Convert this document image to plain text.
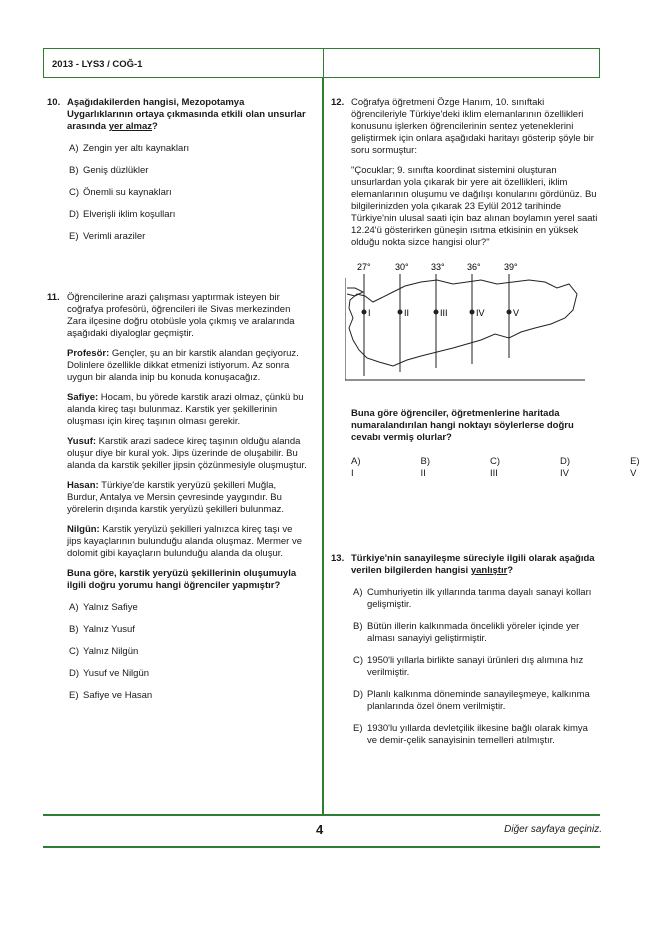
2013 - LYS3 / COĞ-1
10. Aşağıdakilerden hangisi, Mezopotamya Uygarlıklarının ortaya çıkmasında etkili olan unsurlar arasında yer almaz?

A) Zengin yer altı kaynakları
B) Geniş düzlükler
C) Önemli su kaynakları
D) Elverişli iklim koşulları
E) Verimli araziler
11. Öğrencilerine arazi çalışması yaptırmak isteyen bir coğrafya profesörü, öğrencileri ile Sivas merkezinden Zara ilçesine doğru otobüsle yola çıkmış ve aralarında aşağıdaki diyaloglar geçmiştir.

Profesör: Gençler, şu an bir karstik alandan geçiyoruz. Dolinlere özellikle dikkat etmenizi istiyorum. Az sonra uygun bir alanda inip bu konuda konuşacağız.

Safiye: Hocam, bu yörede karstik arazi olmaz, çünkü bu alanda kireç taşı bulunmaz. Karstik yer şekillerinin oluşması için kireç taşının olması gerekir.

Yusuf: Karstik arazi sadece kireç taşının olduğu alanda oluşur diye bir kural yok. Jips üzerinde de oluşabilir. Bu alanda da karstik şekiller jipsin çözünmesiyle oluşmuştur.

Hasan: Türkiye'de karstik yeryüzü şekilleri Muğla, Burdur, Antalya ve Mersin çevresinde yaygındır. Bu yörelerin dışında karstik yeryüzü şekilleri bulunmaz.

Nilgün: Karstik yeryüzü şekilleri yalnızca kireç taşı ve jips kayaçlarının bulunduğu alanda oluşmaz. Mermer ve dolomit gibi kayaçların bulunduğu alanda da oluşur.

Buna göre, karstik yeryüzü şekillerinin oluşumuyla ilgili doğru yorumu hangi öğrenciler yapmıştır?

A) Yalnız Safiye
B) Yalnız Yusuf
C) Yalnız Nilgün
D) Yusuf ve Nilgün
E) Safiye ve Hasan
12. Coğrafya öğretmeni Özge Hanım, 10. sınıftaki öğrencileriyle Türkiye'deki iklim elemanlarının özellikleri konusunu işlerken öğrencilerinin sentez yeteneklerini geliştirmek için onlara aşağıdaki haritayı gösterip şöyle bir soru sormuştur:

"Çocuklar; 9. sınıfta koordinat sistemini oluşturan unsurlardan yola çıkarak bir yere ait özellikleri, iklim elemanlarının oluşumu ve dağılışı konularını gördünüz. Bu bilgilerinizden yola çıkarak 23 Eylül 2012 tarihinde Türkiye'nin ulusal saati için baz alınan boylamın yerel saati 12.24'ü gösterirken güneşin ısıtma etkisinin en yüksek olduğu nokta sizce hangisi olur?"

27°	30° 33° 36°	39°
I	II	III	IV	V

Buna göre öğrenciler, öğretmenlerine haritada numaralandırılan hangi noktayı söylerlerse doğru cevabı vermiş olurlar?

A) I
B) II
C) III
D) IV
E) V
13. Türkiye'nin sanayileşme süreciyle ilgili olarak aşağıda verilen bilgilerden hangisi yanlıştır?

A) Cumhuriyetin ilk yıllarında tarıma dayalı sanayi kolları gelişmiştir.
B) Bütün illerin kalkınmada öncelikli yöreler içinde yer alması sanayiyi geliştirmiştir.
C) 1950'li yıllarla birlikte sanayi ürünleri dış alımına hız verilmiştir.
D) Planlı kalkınma döneminde sanayileşmeye, kalkınma planlarında özel önem verilmiştir.
E) 1930'lu yıllarda devletçilik ilkesine bağlı olarak kimya ve demir-çelik sanayisinin temelleri atılmıştır.
4	Diğer sayfaya geçiniz.
